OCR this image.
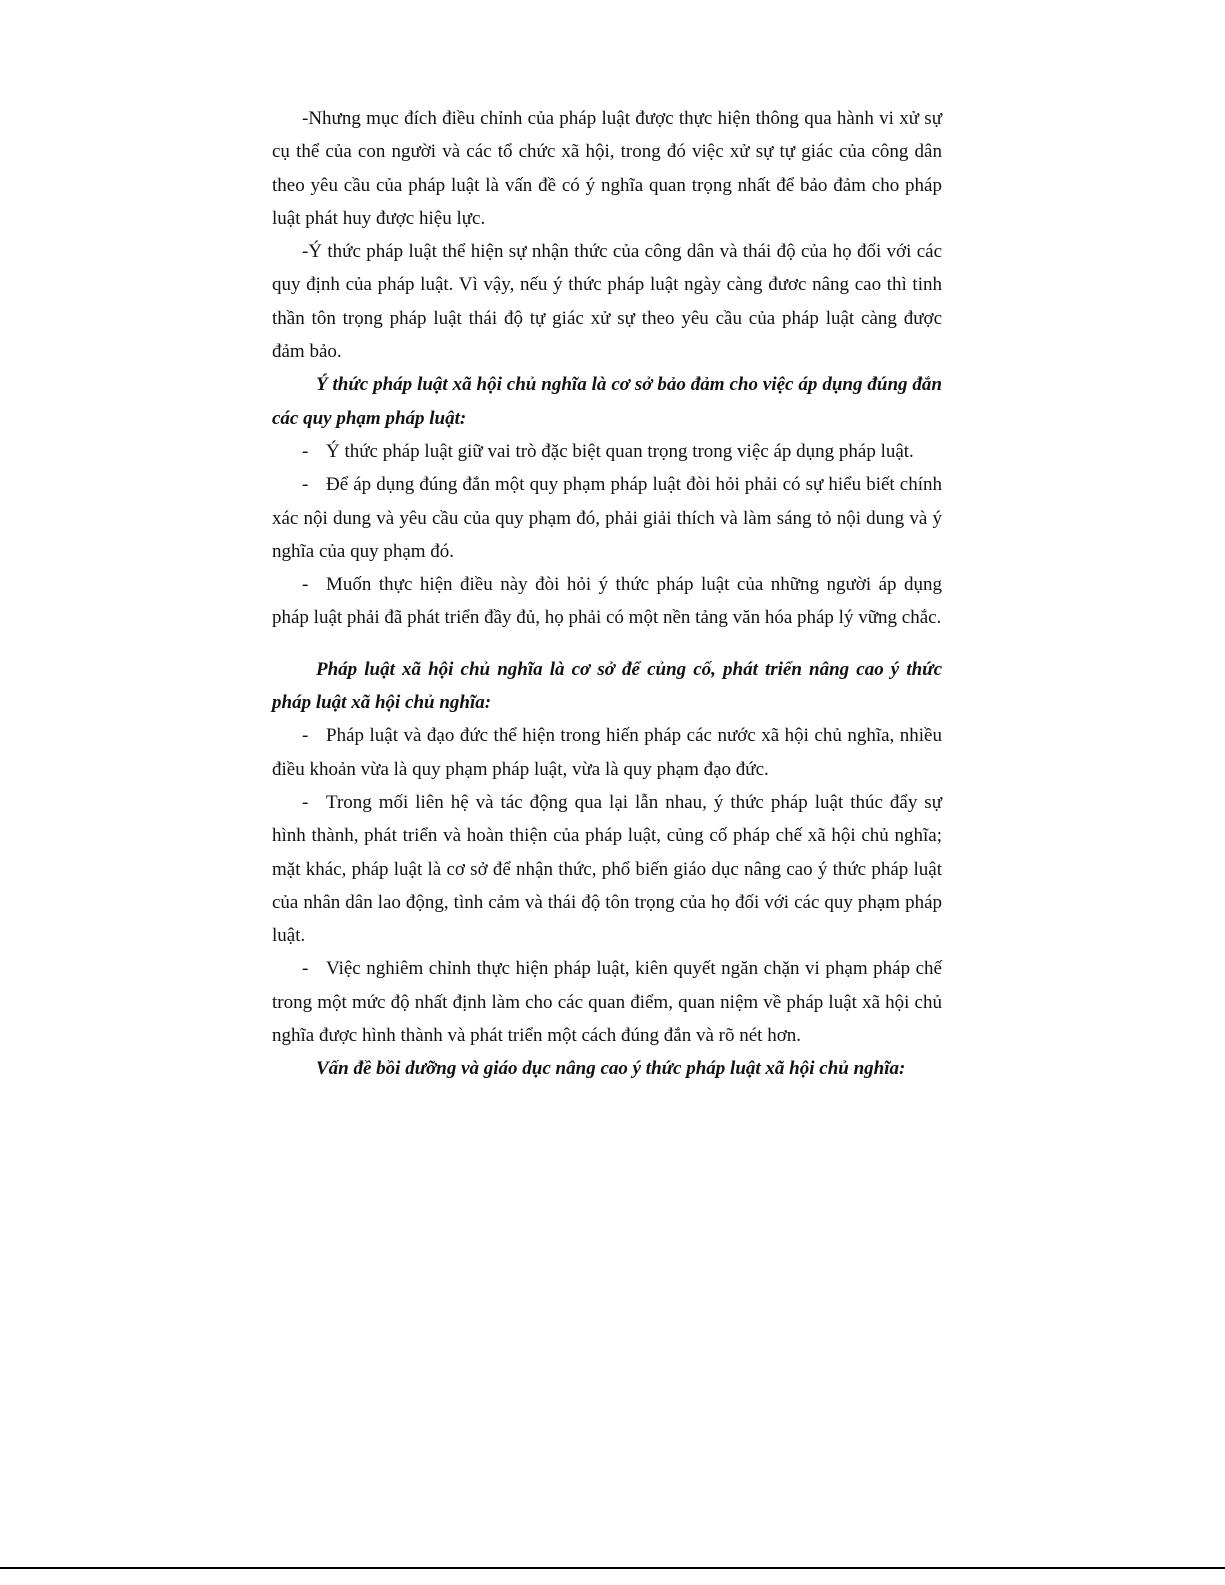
-Nhưng mục đích điều chỉnh của pháp luật được thực hiện thông qua hành vi xử sự cụ thể của con người và các tổ chức xã hội, trong đó việc xử sự tự giác của công dân theo yêu cầu của pháp luật là vấn đề có ý nghĩa quan trọng nhất để bảo đảm cho pháp luật phát huy được hiệu lực.

-Ý thức pháp luật thể hiện sự nhận thức của công dân và thái độ của họ đối với các quy định của pháp luật. Vì vậy, nếu ý thức pháp luật ngày càng đươc nâng cao thì tinh thần tôn trọng pháp luật thái độ tự giác xử sự theo yêu cầu của pháp luật càng được đảm bảo.

Ý thức pháp luật xã hội chủ nghĩa là cơ sở bảo đảm cho việc áp dụng đúng đắn các quy phạm pháp luật:

- Ý thức pháp luật giữ vai trò đặc biệt quan trọng trong việc áp dụng pháp luật.

- Để áp dụng đúng đắn một quy phạm pháp luật đòi hỏi phải có sự hiểu biết chính xác nội dung và yêu cầu của quy phạm đó, phải giải thích và làm sáng tỏ nội dung và ý nghĩa của quy phạm đó.

- Muốn thực hiện điều này đòi hỏi ý thức pháp luật của những người áp dụng pháp luật phải đã phát triển đầy đủ, họ phải có một nền tảng văn hóa pháp lý vững chắc.

Pháp luật xã hội chủ nghĩa là cơ sở để củng cố, phát triển nâng cao ý thức pháp luật xã hội chủ nghĩa:

- Pháp luật và đạo đức thể hiện trong hiến pháp các nước xã hội chủ nghĩa, nhiều điều khoản vừa là quy phạm pháp luật, vừa là quy phạm đạo đức.

- Trong mối liên hệ và tác động qua lại lẫn nhau, ý thức pháp luật thúc đẩy sự hình thành, phát triển và hoàn thiện của pháp luật, củng cố pháp chế xã hội chủ nghĩa; mặt khác, pháp luật là cơ sở để nhận thức, phổ biến giáo dục nâng cao ý thức pháp luật của nhân dân lao động, tình cảm và thái độ tôn trọng của họ đối với các quy phạm pháp luật.

- Việc nghiêm chỉnh thực hiện pháp luật, kiên quyết ngăn chặn vi phạm pháp chế trong một mức độ nhất định làm cho các quan điểm, quan niệm về pháp luật xã hội chủ nghĩa được hình thành và phát triển một cách đúng đắn và rõ nét hơn.

Vấn đề bồi dưỡng và giáo dục nâng cao ý thức pháp luật xã hội chủ nghĩa:
